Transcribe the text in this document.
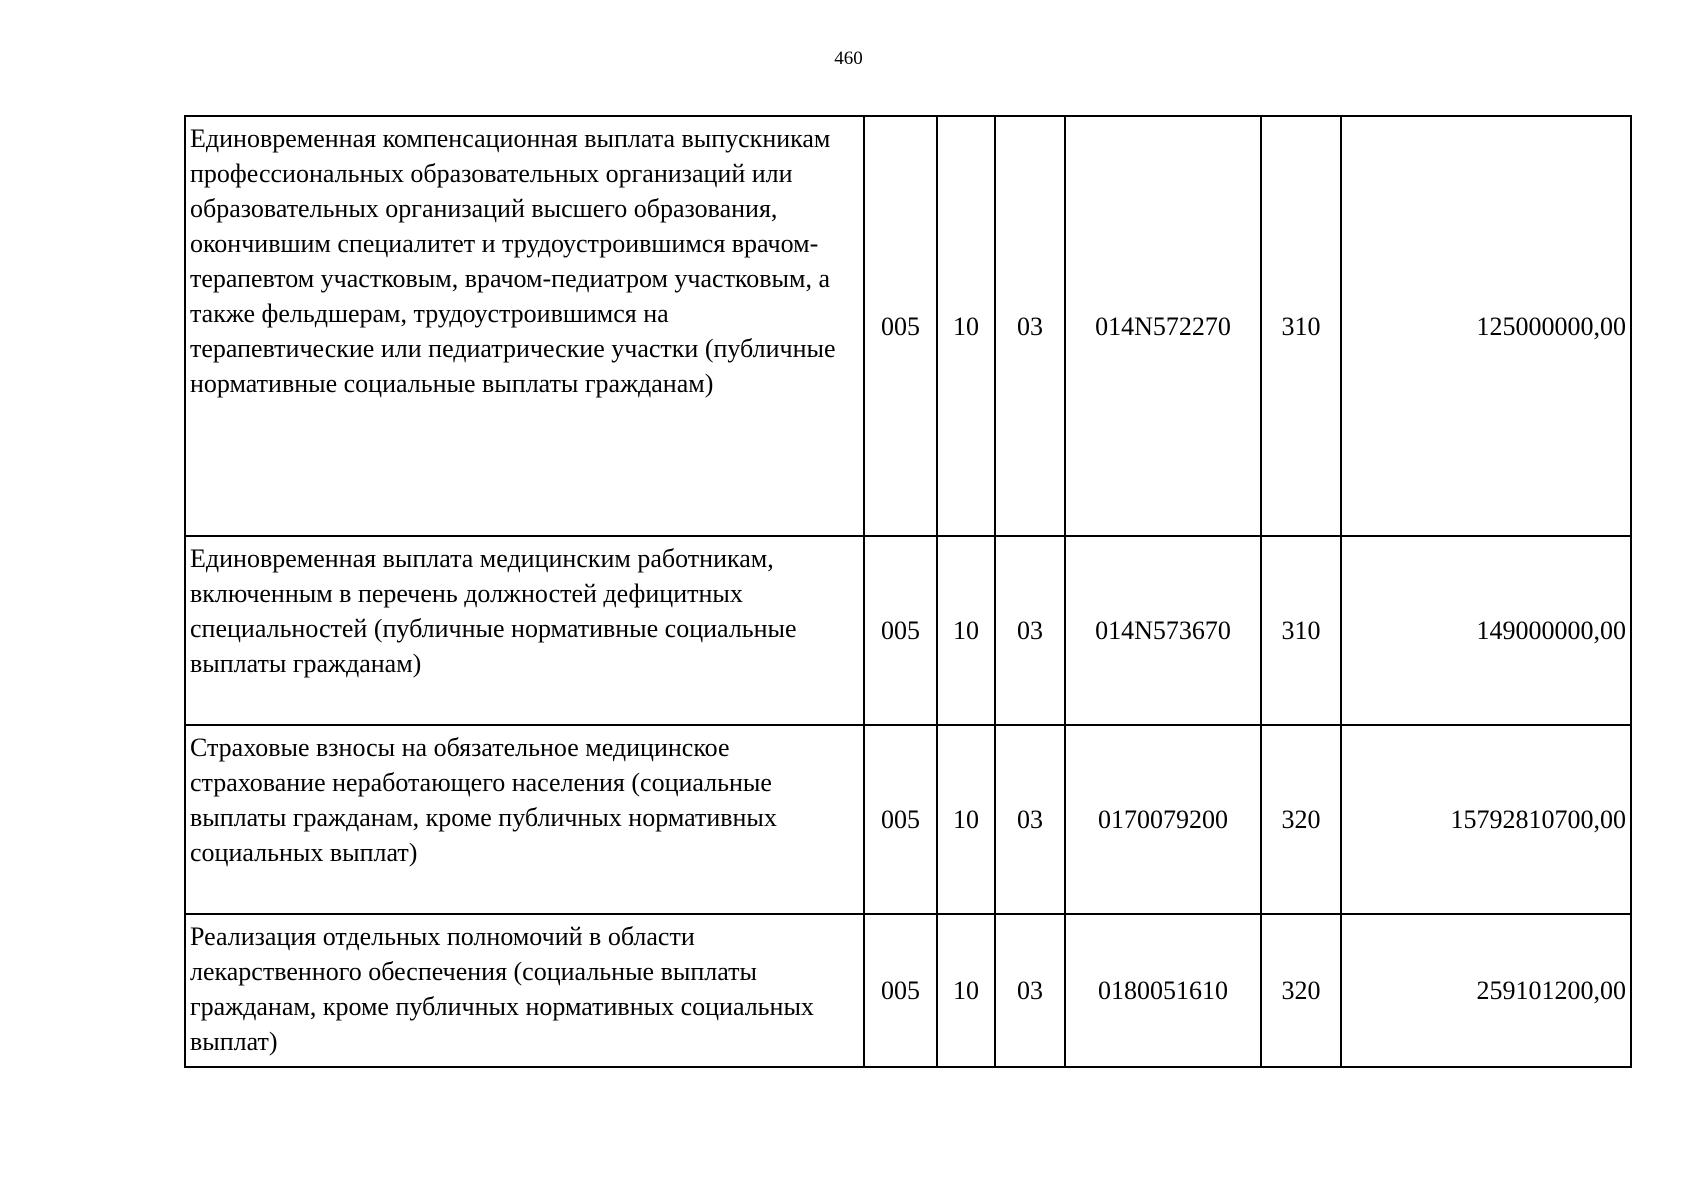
460
Единовременная компенсационная выплата выпускникам профессиональных образовательных организаций или образовательных организаций высшего образования, окончившим специалитет и трудоустроившимся врачом-терапевтом участковым, врачом-педиатром участковым, а также фельдшерам, трудоустроившимся на терапевтические или педиатрические участки (публичные нормативные социальные выплаты гражданам)	005	10	03	014N572270	310	125000000,00
Единовременная выплата медицинским работникам, включенным в перечень должностей дефицитных специальностей (публичные нормативные социальные выплаты гражданам)	005	10	03	014N573670	310	149000000,00
Страховые взносы на обязательное медицинское страхование неработающего населения (социальные выплаты гражданам, кроме публичных нормативных социальных выплат)	005	10	03	0170079200	320	15792810700,00
Реализация отдельных полномочий в области лекарственного обеспечения (социальные выплаты гражданам, кроме публичных нормативных социальных выплат)	005	10	03	0180051610	320	259101200,00
